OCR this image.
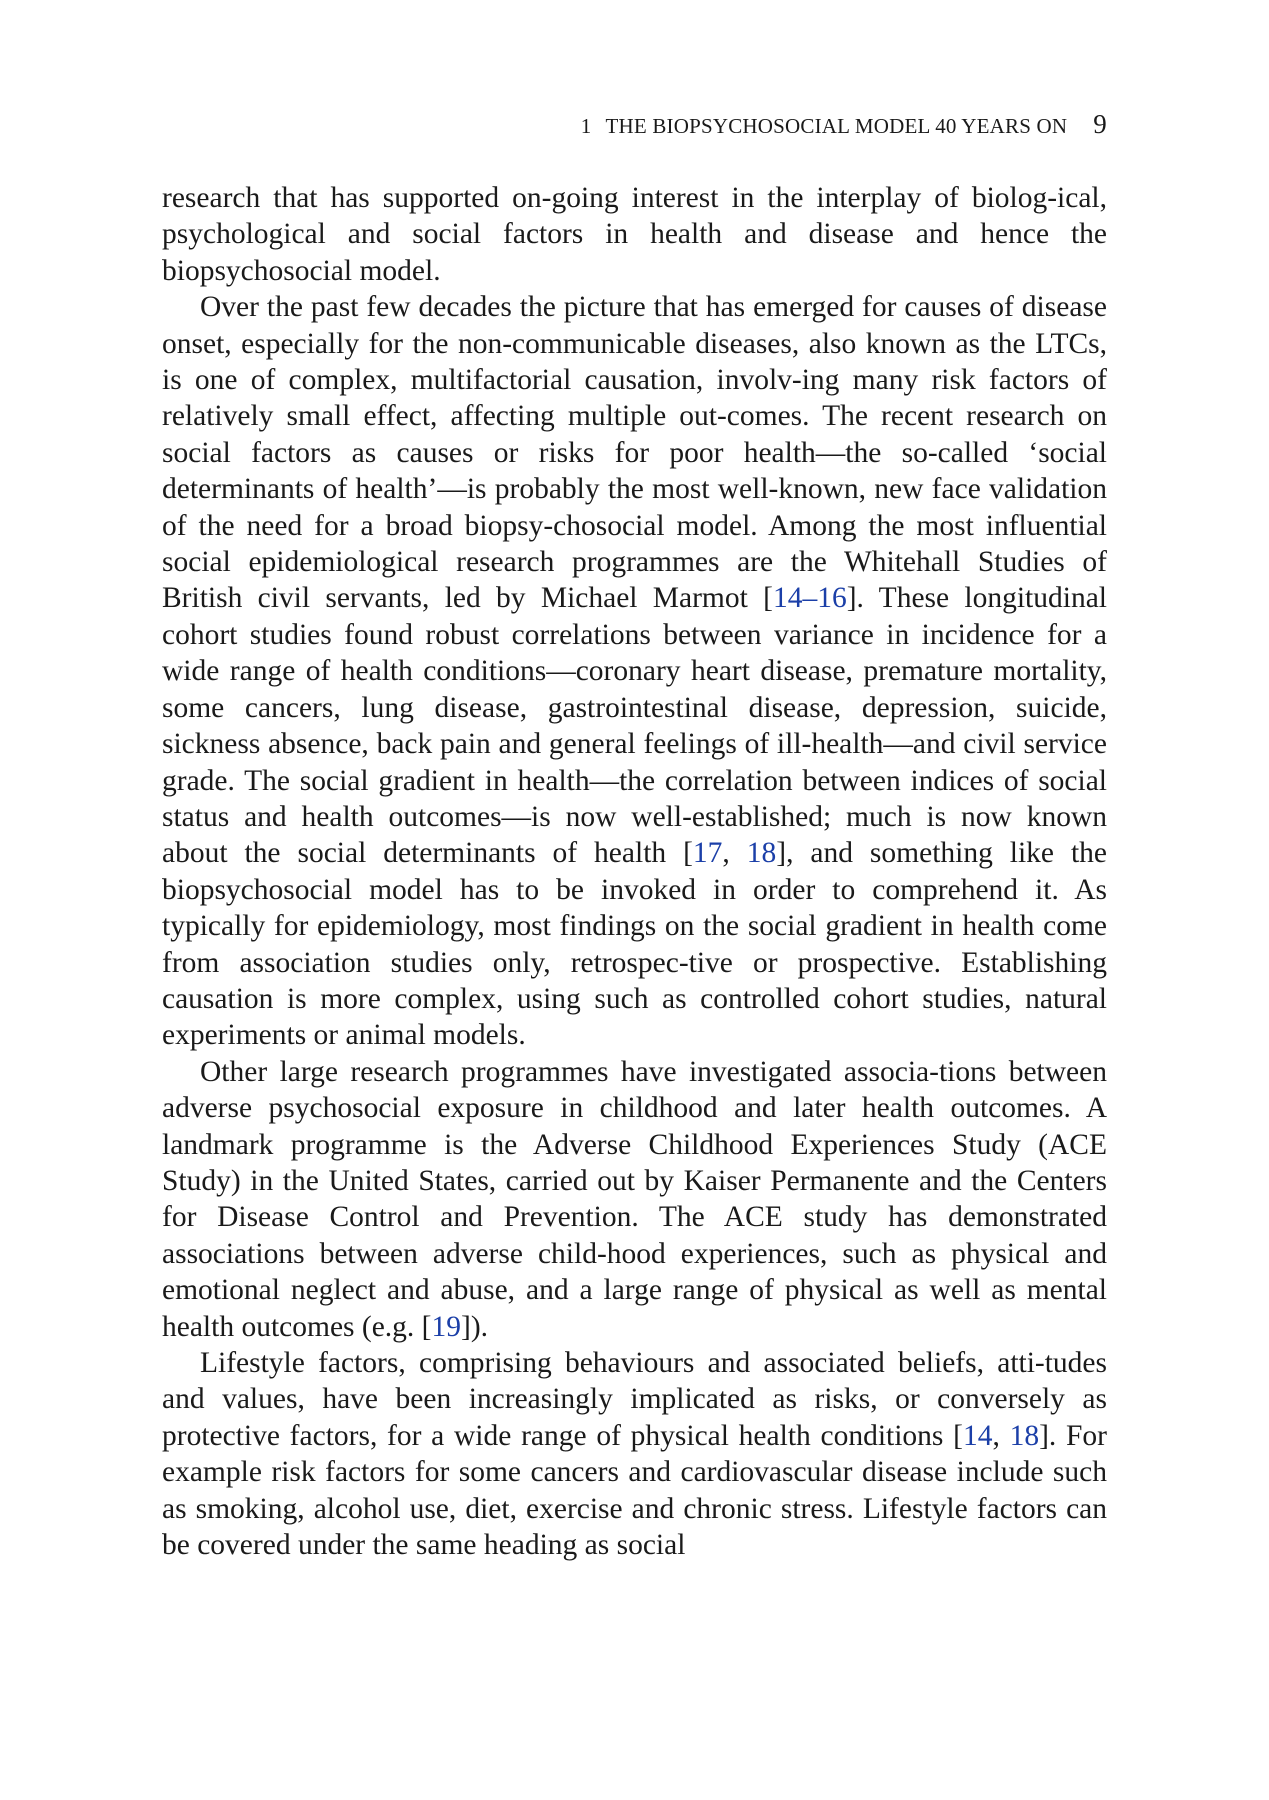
1 THE BIOPSYCHOSOCIAL MODEL 40 YEARS ON 9

research that has supported on-going interest in the interplay of biolog-ical, psychological and social factors in health and disease and hence the biopsychosocial model.

Over the past few decades the picture that has emerged for causes of disease onset, especially for the non-communicable diseases, also known as the LTCs, is one of complex, multifactorial causation, involv-ing many risk factors of relatively small effect, affecting multiple out-comes. The recent research on social factors as causes or risks for poor health—the so-called ‘social determinants of health’—is probably the most well-known, new face validation of the need for a broad biopsy-chosocial model. Among the most influential social epidemiological research programmes are the Whitehall Studies of British civil servants, led by Michael Marmot [14–16]. These longitudinal cohort studies found robust correlations between variance in incidence for a wide range of health conditions—coronary heart disease, premature mortality, some cancers, lung disease, gastrointestinal disease, depression, suicide, sickness absence, back pain and general feelings of ill-health—and civil service grade. The social gradient in health—the correlation between indices of social status and health outcomes—is now well-established; much is now known about the social determinants of health [17, 18], and something like the biopsychosocial model has to be invoked in order to comprehend it. As typically for epidemiology, most findings on the social gradient in health come from association studies only, retrospec-tive or prospective. Establishing causation is more complex, using such as controlled cohort studies, natural experiments or animal models.

Other large research programmes have investigated associa-tions between adverse psychosocial exposure in childhood and later health outcomes. A landmark programme is the Adverse Childhood Experiences Study (ACE Study) in the United States, carried out by Kaiser Permanente and the Centers for Disease Control and Prevention. The ACE study has demonstrated associations between adverse child-hood experiences, such as physical and emotional neglect and abuse, and a large range of physical as well as mental health outcomes (e.g. [19]).

Lifestyle factors, comprising behaviours and associated beliefs, atti-tudes and values, have been increasingly implicated as risks, or conversely as protective factors, for a wide range of physical health conditions [14, 18]. For example risk factors for some cancers and cardiovascular disease include such as smoking, alcohol use, diet, exercise and chronic stress. Lifestyle factors can be covered under the same heading as social
